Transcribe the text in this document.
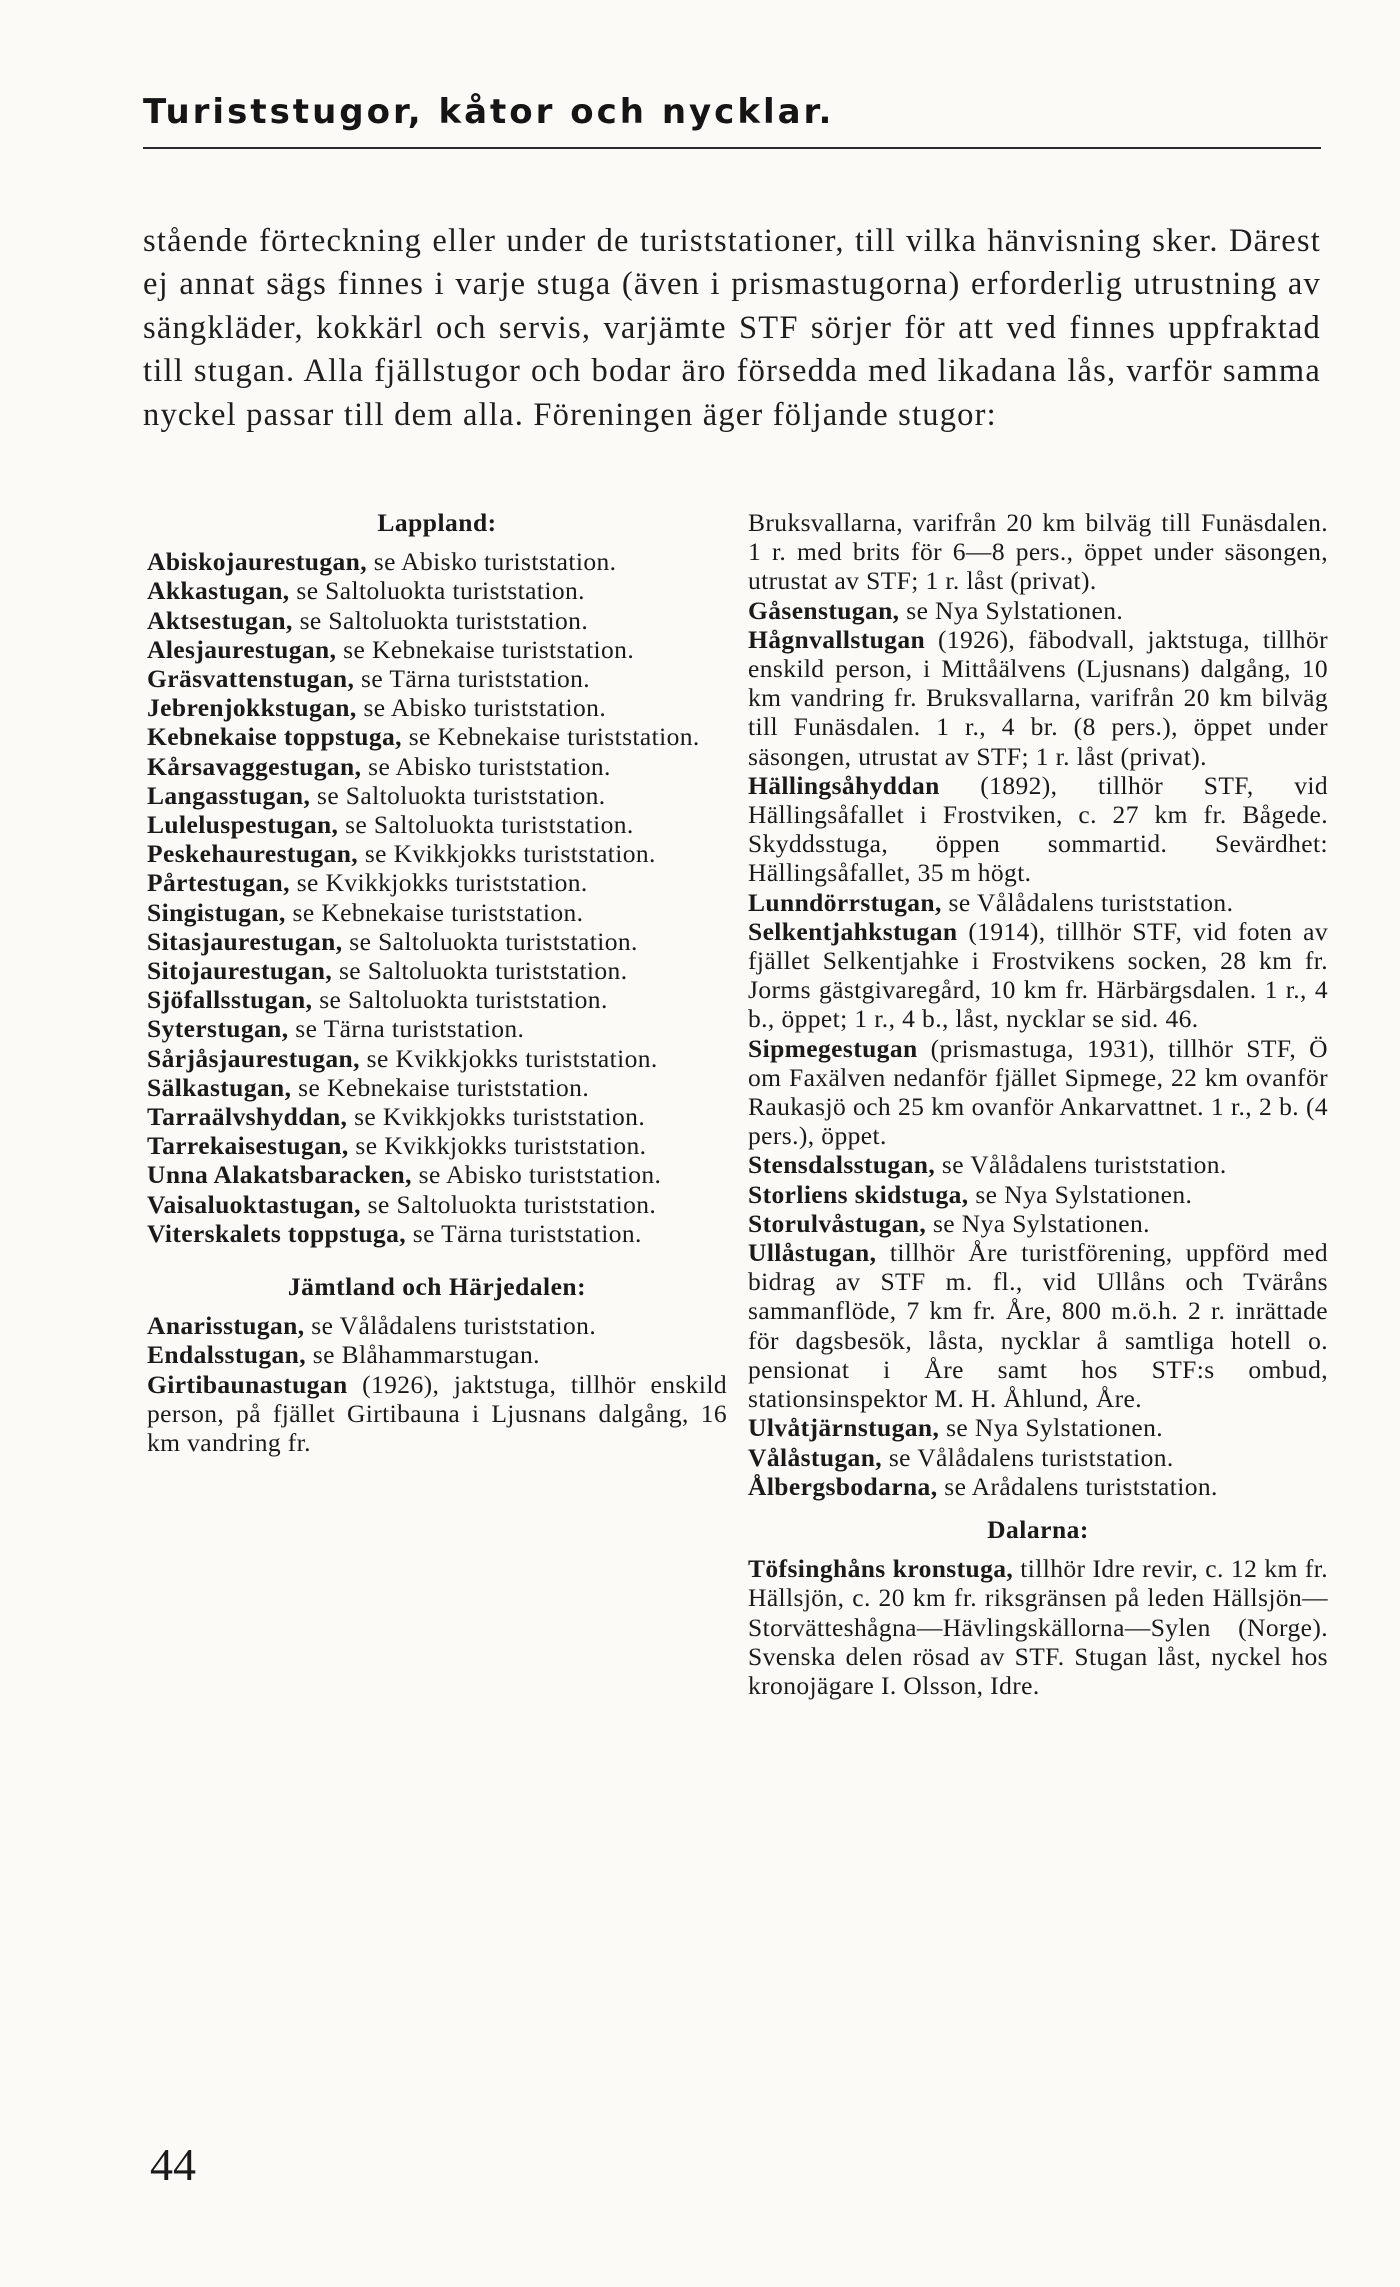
Turiststugor, kåtor och nycklar.

stående förteckning eller under de turiststationer, till vilka hänvisning sker. Därest ej annat sägs finnes i varje stuga (även i prismastugorna) erforderlig utrustning av sängkläder, kokkärl och servis, varjämte STF sörjer för att ved finnes uppfraktad till stugan. Alla fjällstugor och bodar äro försedda med likadana lås, varför samma nyckel passar till dem alla. Föreningen äger följande stugor:

Lappland:

Abiskojaurestugan, se Abisko turiststation.

Akkastugan, se Saltoluokta turiststation.

Aktsestugan, se Saltoluokta turiststation.

Alesjaurestugan, se Kebnekaise turiststation.

Gräsvattenstugan, se Tärna turiststation.

Jebrenjokkstugan, se Abisko turiststation.

Kebnekaise toppstuga, se Kebnekaise turiststation.

Kårsavaggestugan, se Abisko turiststation.

Langasstugan, se Saltoluokta turiststation.

Luleluspestugan, se Saltoluokta turiststation.

Peskehaurestugan, se Kvikkjokks turiststation.

Pårtestugan, se Kvikkjokks turiststation.

Singistugan, se Kebnekaise turiststation.

Sitasjaurestugan, se Saltoluokta turiststation.

Sitojaurestugan, se Saltoluokta turiststation.

Sjöfallsstugan, se Saltoluokta turiststation.

Syterstugan, se Tärna turiststation.

Sårjåsjaurestugan, se Kvikkjokks turiststation.

Sälkastugan, se Kebnekaise turiststation.

Tarraälvshyddan, se Kvikkjokks turiststation.

Tarrekaisestugan, se Kvikkjokks turiststation.

Unna Alakatsbaracken, se Abisko turiststation.

Vaisaluoktastugan, se Saltoluokta turiststation.

Viterskalets toppstuga, se Tärna turiststation.

Jämtland och Härjedalen:

Anarisstugan, se Vålådalens turiststation.

Endalsstugan, se Blåhammarstugan.

Girtibaunastugan (1926), jaktstuga, tillhör enskild person, på fjället Girtibauna i Ljusnans dalgång, 16 km vandring fr.

Bruksvallarna, varifrån 20 km bilväg till Funäsdalen. 1 r. med brits för 6—8 pers., öppet under säsongen, utrustat av STF; 1 r. låst (privat).

Gåsenstugan, se Nya Sylstationen.

Hågnvallstugan (1926), fäbodvall, jaktstuga, tillhör enskild person, i Mittåälvens (Ljusnans) dalgång, 10 km vandring fr. Bruksvallarna, varifrån 20 km bilväg till Funäsdalen. 1 r., 4 br. (8 pers.), öppet under säsongen, utrustat av STF; 1 r. låst (privat).

Hällingsåhyddan (1892), tillhör STF, vid Hällingsåfallet i Frostviken, c. 27 km fr. Bågede. Skyddsstuga, öppen sommartid. Sevärdhet: Hällingsåfallet, 35 m högt.

Lunndörrstugan, se Vålådalens turiststation.

Selkentjahkstugan (1914), tillhör STF, vid foten av fjället Selkentjahke i Frostvikens socken, 28 km fr. Jorms gästgivaregård, 10 km fr. Härbärgsdalen. 1 r., 4 b., öppet; 1 r., 4 b., låst, nycklar se sid. 46.

Sipmegestugan (prismastuga, 1931), tillhör STF, Ö om Faxälven nedanför fjället Sipmege, 22 km ovanför Raukasjö och 25 km ovanför Ankarvattnet. 1 r., 2 b. (4 pers.), öppet.

Stensdalsstugan, se Vålådalens turiststation.

Storliens skidstuga, se Nya Sylstationen.

Storulvåstugan, se Nya Sylstationen.

Ullåstugan, tillhör Åre turistförening, uppförd med bidrag av STF m. fl., vid Ullåns och Tväråns sammanflöde, 7 km fr. Åre, 800 m.ö.h. 2 r. inrättade för dagsbesök, låsta, nycklar å samtliga hotell o. pensionat i Åre samt hos STF:s ombud, stationsinspektor M. H. Åhlund, Åre.

Ulvåtjärnstugan, se Nya Sylstationen.

Vålåstugan, se Vålådalens turiststation.

Ålbergsbodarna, se Arådalens turiststation.

Dalarna:

Töfsinghåns kronstuga, tillhör Idre revir, c. 12 km fr. Hällsjön, c. 20 km fr. riksgränsen på leden Hällsjön—Storvätteshågna—Hävlingskällorna—Sylen (Norge). Svenska delen rösad av STF. Stugan låst, nyckel hos kronojägare I. Olsson, Idre.

44
